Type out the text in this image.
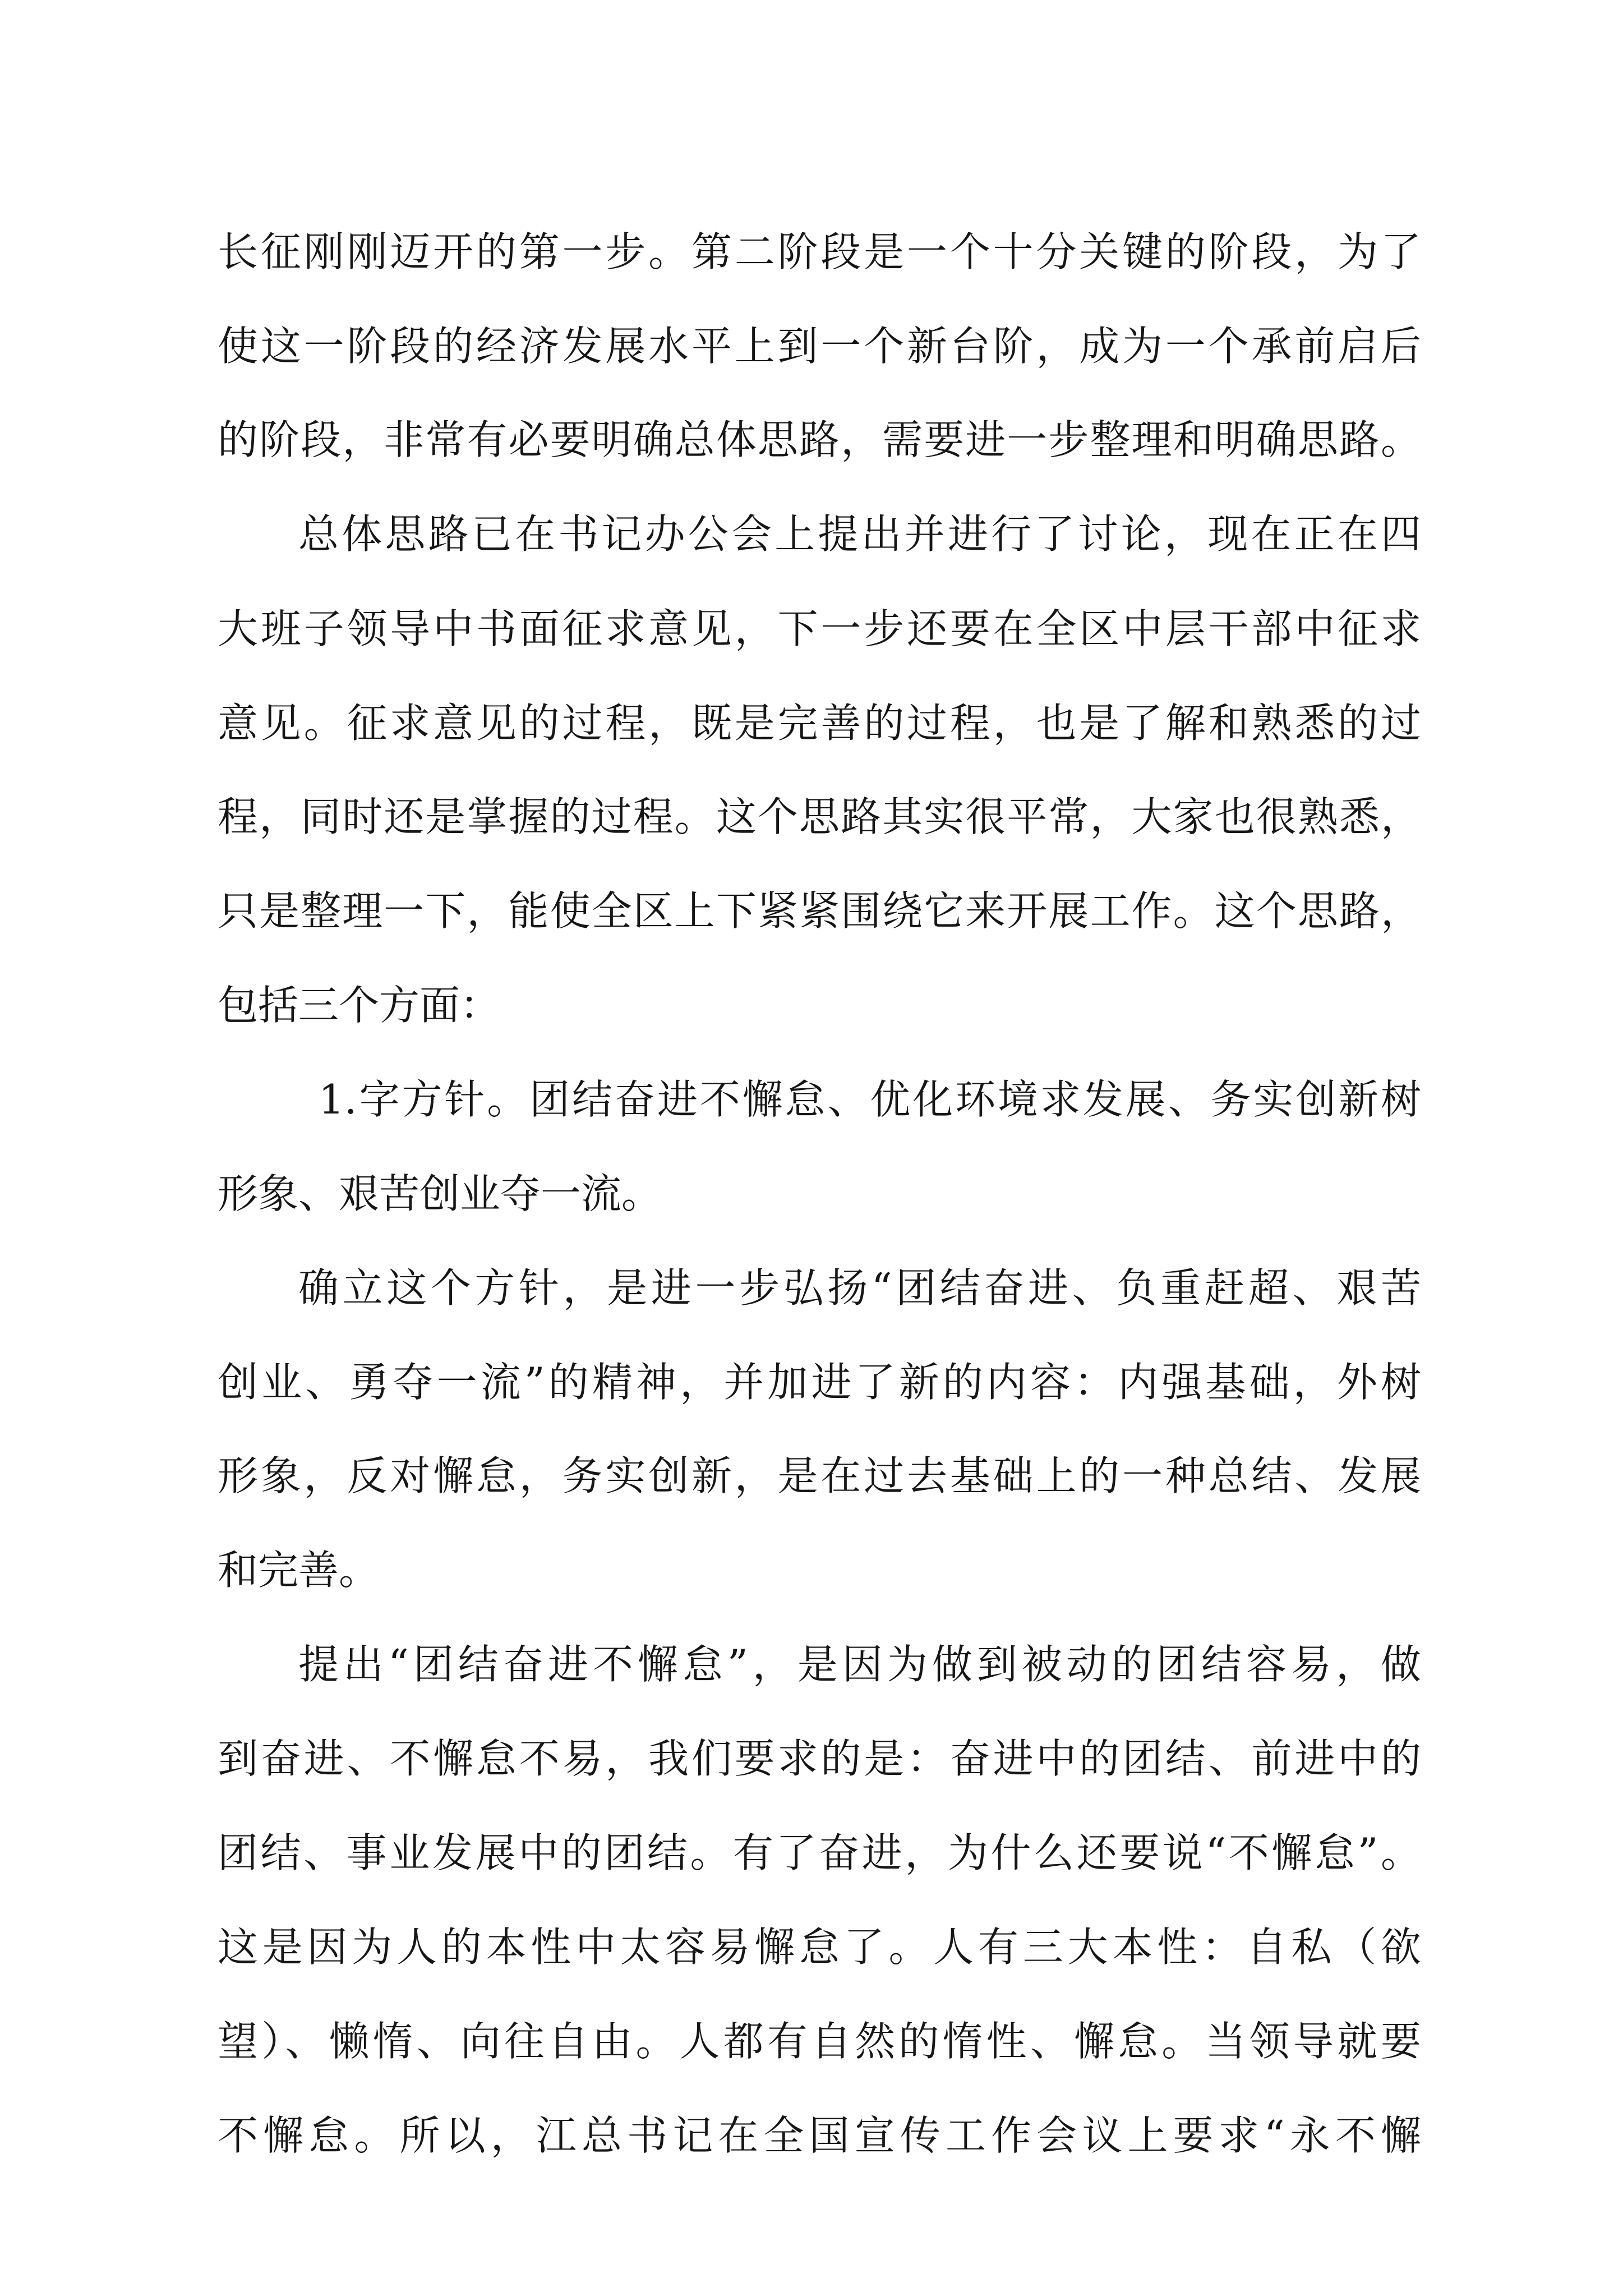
长征刚刚迈开的第一步。第二阶段是一个十分关键的阶段，为了
使这一阶段的经济发展水平上到一个新台阶，成为一个承前启后
的阶段，非常有必要明确总体思路，需要进一步整理和明确思路。
总体思路已在书记办公会上提出并进行了讨论，现在正在四
大班子领导中书面征求意见，下一步还要在全区中层干部中征求
意见。征求意见的过程，既是完善的过程，也是了解和熟悉的过
程，同时还是掌握的过程。这个思路其实很平常，大家也很熟悉，
只是整理一下，能使全区上下紧紧围绕它来开展工作。这个思路，
包括三个方面：
1.字方针。团结奋进不懈怠、优化环境求发展、务实创新树
形象、艰苦创业夺一流。
确立这个方针，是进一步弘扬“团结奋进、负重赶超、艰苦
创业、勇夺一流”的精神，并加进了新的内容：内强基础，外树
形象，反对懈怠，务实创新，是在过去基础上的一种总结、发展
和完善。
提出“团结奋进不懈怠”，是因为做到被动的团结容易，做
到奋进、不懈怠不易，我们要求的是：奋进中的团结、前进中的
团结、事业发展中的团结。有了奋进，为什么还要说“不懈怠”。
这是因为人的本性中太容易懈怠了。人有三大本性：自私（欲
望）、懒惰、向往自由。人都有自然的惰性、懈怠。当领导就要
不懈怠。所以，江总书记在全国宣传工作会议上要求“永不懈
